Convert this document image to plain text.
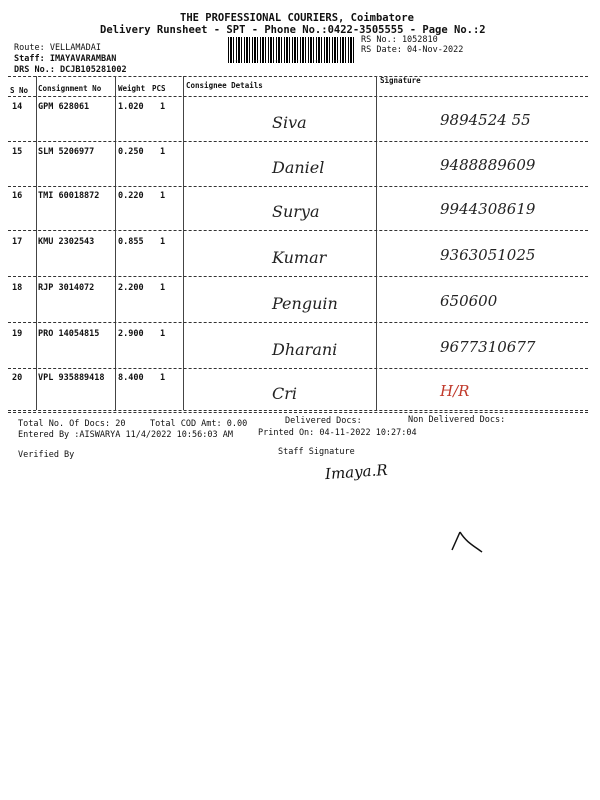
THE PROFESSIONAL COURIERS, Coimbatore
Delivery Runsheet - SPT - Phone No.:0422-3505555 - Page No.:2
Route: VELLAMADAI
Staff: IMAYAVARAMBAN
DRS No.: DCJB105281002
RS No.: 1052810
RS Date: 04-Nov-2022
S No Consignment No Weight PCS	Consignee Details
Signature
14 GPM 628061	1.020 1
Siva	9894524 55
15 SLM 5206977	0.250 1
Daniel	9488889609
16 TMI 60018872 0.220 1
Surya	9944308619
17 KMU 2302543	0.855 1
Kumar	9363051025
18 RJP 3014072	2.200 1
Penguin	650600
19 PRO 14054815 2.900 1
Dharani	9677310677
20 VPL 935889418 8.400 1
Cri	H/R
Total No. Of Docs: 20	Total COD Amt: 0.00	Delivered Docs:	Non Delivered Docs:
Entered By :AISWARYA 11/4/2022 10:56:03 AM	Printed On: 04-11-2022 10:27:04
Verified By	Staff Signature
Imaya.R
